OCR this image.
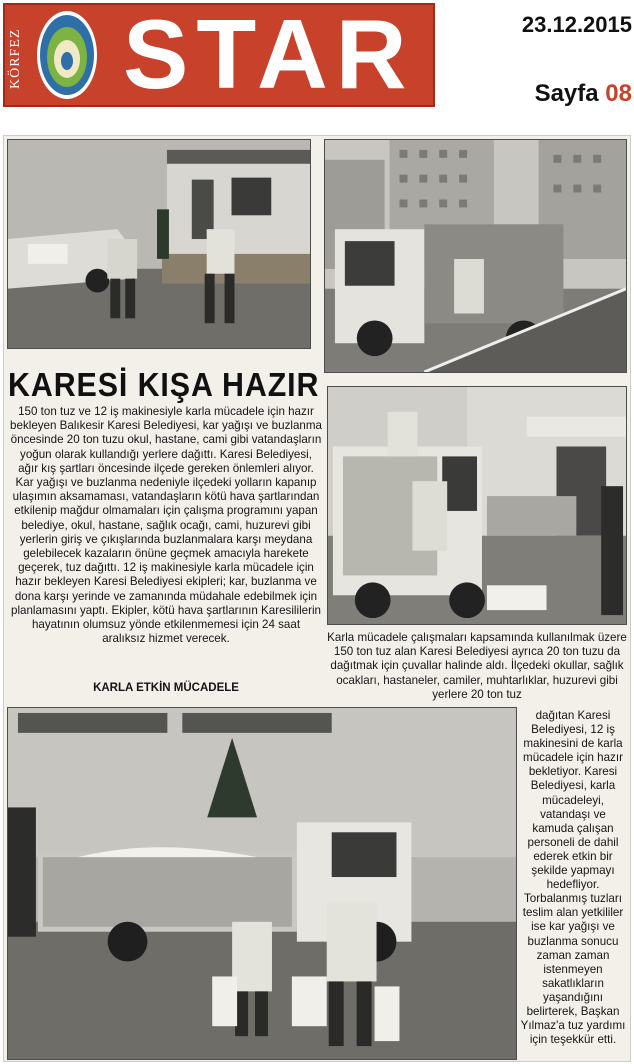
KÖRFEZ STAR	23.12.2015
Sayfa 08
KARESİ KIŞA HAZIR
150 ton tuz ve 12 iş makinesiyle karla mücadele için hazır bekleyen Balıkesir Karesi Belediyesi, kar yağışı ve buzlanma öncesinde 20 ton tuzu okul, hastane, cami gibi vatandaşların yoğun olarak kullandığı yerlere dağıttı. Karesi Belediyesi, ağır kış şartları öncesinde ilçede gereken önlemleri alıyor. Kar yağışı ve buzlanma nedeniyle ilçedeki yolların kapanıp ulaşımın aksamaması, vatandaşların kötü hava şartlarından etkilenip mağdur olmamaları için çalışma programını yapan belediye, okul, hastane, sağlık ocağı, cami, huzurevi gibi yerlerin giriş ve çıkışlarında buzlanmalara karşı meydana gelebilecek kazaların önüne geçmek amacıyla harekete geçerek, tuz dağıttı. 12 iş makinesiyle karla mücadele için hazır bekleyen Karesi Belediyesi ekipleri; kar, buzlanma ve dona karşı yerinde ve zamanında müdahale edebilmek için planlamasını yaptı. Ekipler, kötü hava şartlarının Karesililerin hayatının olumsuz yönde etkilenmemesi için 24 saat aralıksız hizmet verecek.
KARLA ETKİN MÜCADELE
Karla mücadele çalışmaları kapsamında kullanılmak üzere 150 ton tuz alan Karesi Belediyesi ayrıca 20 ton tuzu da dağıtmak için çuvallar halinde aldı. İlçedeki okullar, sağlık ocakları, hastaneler, camiler, muhtarlıklar, huzurevi gibi yerlere 20 ton tuz
dağıtan Karesi Belediyesi, 12 iş makinesini de karla mücadele için hazır bekletiyor. Karesi Belediyesi, karla mücadeleyi, vatandaşı ve kamuda çalışan personeli de dahil ederek etkin bir şekilde yapmayı hedefliyor. Torbalanmış tuzları teslim alan yetkililer ise kar yağışı ve buzlanma sonucu zaman zaman istenmeyen sakatlıkların yaşandığını belirterek, Başkan Yılmaz'a tuz yardımı için teşekkür etti.
